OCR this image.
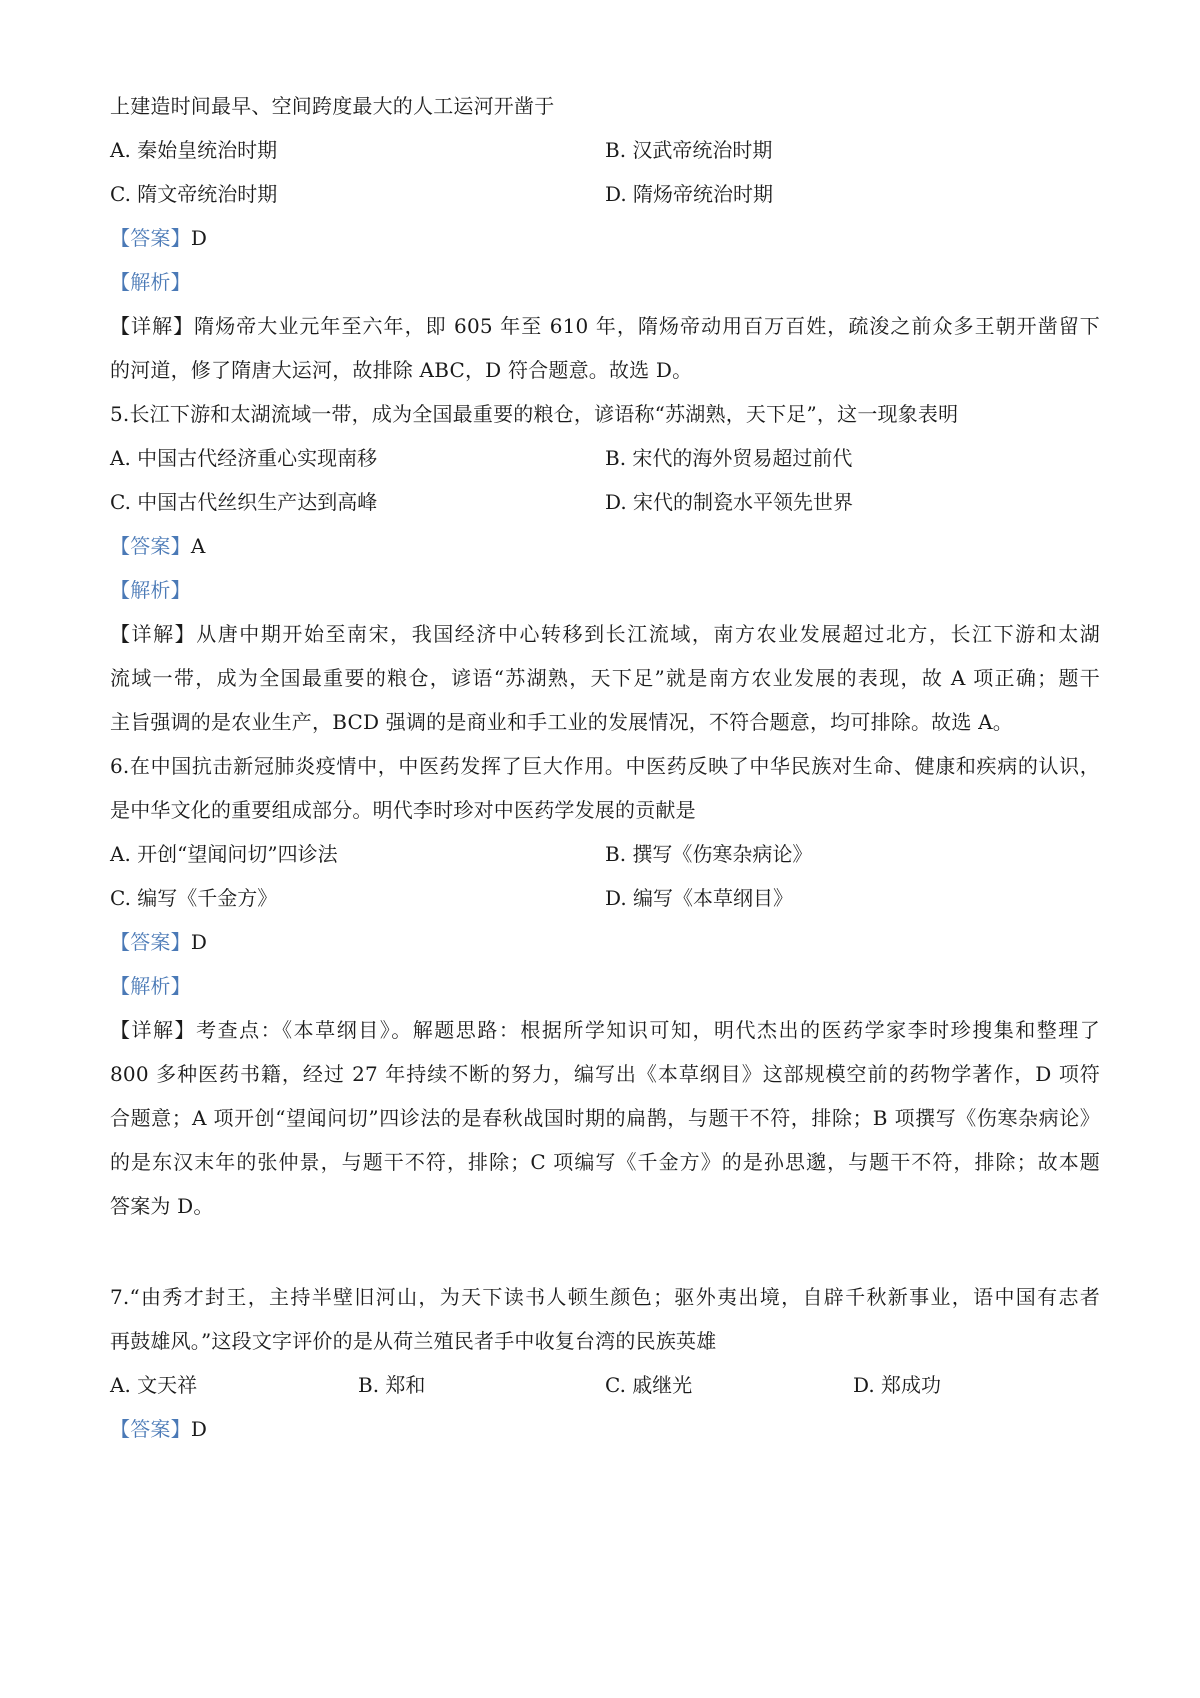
上建造时间最早、空间跨度最大的人工运河开凿于
A. 秦始皇统治时期	B. 汉武帝统治时期
C. 隋文帝统治时期	D. 隋炀帝统治时期
【答案】D
【解析】
【详解】隋炀帝大业元年至六年，即 605 年至 610 年，隋炀帝动用百万百姓，疏浚之前众多王朝开凿留下
的河道，修了隋唐大运河，故排除 ABC，D 符合题意。故选 D。
5.长江下游和太湖流域一带，成为全国最重要的粮仓，谚语称“苏湖熟，天下足”，这一现象表明
A. 中国古代经济重心实现南移	B. 宋代的海外贸易超过前代
C. 中国古代丝织生产达到高峰	D. 宋代的制瓷水平领先世界
【答案】A
【解析】
【详解】从唐中期开始至南宋，我国经济中心转移到长江流域，南方农业发展超过北方，长江下游和太湖
流域一带，成为全国最重要的粮仓，谚语“苏湖熟，天下足”就是南方农业发展的表现，故 A 项正确；题干
主旨强调的是农业生产，BCD 强调的是商业和手工业的发展情况，不符合题意，均可排除。故选 A。
6.在中国抗击新冠肺炎疫情中，中医药发挥了巨大作用。中医药反映了中华民族对生命、健康和疾病的认识，
是中华文化的重要组成部分。明代李时珍对中医药学发展的贡献是
A. 开创“望闻问切”四诊法	B. 撰写《伤寒杂病论》
C. 编写《千金方》	D. 编写《本草纲目》
【答案】D
【解析】
【详解】考查点：《本草纲目》。解题思路：根据所学知识可知，明代杰出的医药学家李时珍搜集和整理了
800 多种医药书籍，经过 27 年持续不断的努力，编写出《本草纲目》这部规模空前的药物学著作，D 项符
合题意；A 项开创“望闻问切”四诊法的是春秋战国时期的扁鹊，与题干不符，排除；B 项撰写《伤寒杂病论》
的是东汉末年的张仲景，与题干不符，排除；C 项编写《千金方》的是孙思邈，与题干不符，排除；故本题
答案为 D。
7.“由秀才封王，主持半壁旧河山，为天下读书人顿生颜色；驱外夷出境，自辟千秋新事业，语中国有志者
再鼓雄风。”这段文字评价的是从荷兰殖民者手中收复台湾的民族英雄
A. 文天祥	B. 郑和	C. 戚继光	D. 郑成功
【答案】D
